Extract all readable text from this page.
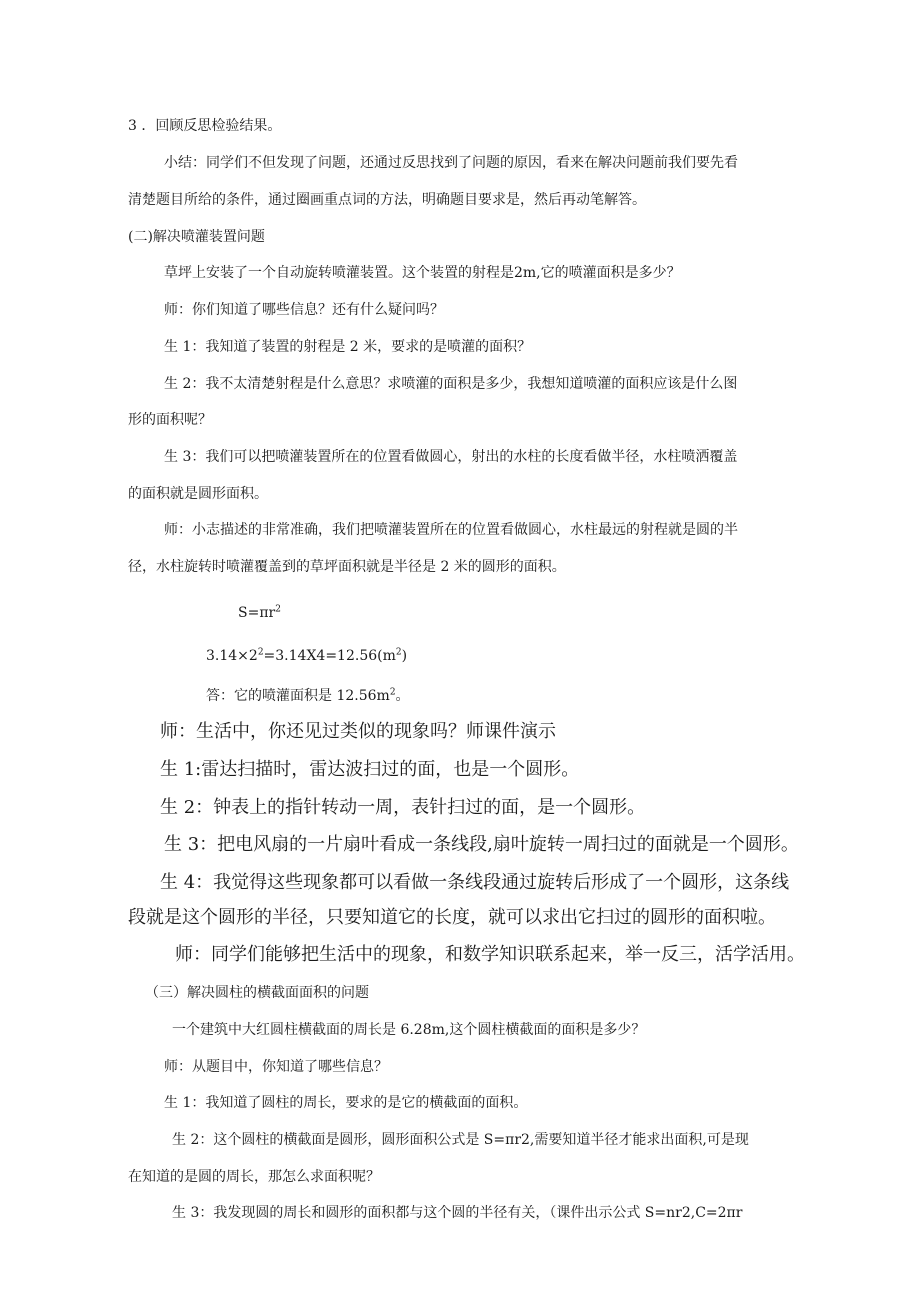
3 ．回顾反思检验结果。
小结：同学们不但发现了问题，还通过反思找到了问题的原因，看来在解决问题前我们要先看
清楚题目所给的条件，通过圈画重点词的方法，明确题目要求是，然后再动笔解答。
(二)解决喷灌装置问题
草坪上安装了一个自动旋转喷灌装置。这个装置的射程是2m,它的喷灌面积是多少？
师：你们知道了哪些信息？还有什么疑问吗？
生 1：我知道了装置的射程是 2 米，要求的是喷灌的面积？
生 2：我不太清楚射程是什么意思？求喷灌的面积是多少，我想知道喷灌的面积应该是什么图
形的面积呢？
生 3：我们可以把喷灌装置所在的位置看做圆心，射出的水柱的长度看做半径，水柱喷洒覆盖
的面积就是圆形面积。
师：小志描述的非常准确，我们把喷灌装置所在的位置看做圆心，水柱最远的射程就是圆的半
径，水柱旋转时喷灌覆盖到的草坪面积就是半径是 2 米的圆形的面积。
$S=\pi r^2$
$3.14\times 2^2=3.14X4=12.56(m^2)$
答：它的喷灌面积是 $12.56m^2$。
师：生活中，你还见过类似的现象吗？师课件演示
生 1:雷达扫描时，雷达波扫过的面，也是一个圆形。
生 2：钟表上的指针转动一周，表针扫过的面，是一个圆形。
生 3：把电风扇的一片扇叶看成一条线段,扇叶旋转一周扫过的面就是一个圆形。
生 4：我觉得这些现象都可以看做一条线段通过旋转后形成了一个圆形，这条线
段就是这个圆形的半径，只要知道它的长度，就可以求出它扫过的圆形的面积啦。
师：同学们能够把生活中的现象，和数学知识联系起来，举一反三，活学活用。
（三）解决圆柱的横截面面积的问题
一个建筑中大红圆柱横截面的周长是 6.28m,这个圆柱横截面的面积是多少？
师：从题目中，你知道了哪些信息？
生 1：我知道了圆柱的周长，要求的是它的横截面的面积。
生 2：这个圆柱的横截面是圆形，圆形面积公式是 S=πr2,需要知道半径才能求出面积,可是现
在知道的是圆的周长，那怎么求面积呢？
生 3：我发现圆的周长和圆形的面积都与这个圆的半径有关，（课件出示公式 S=nr2,C=2πr
